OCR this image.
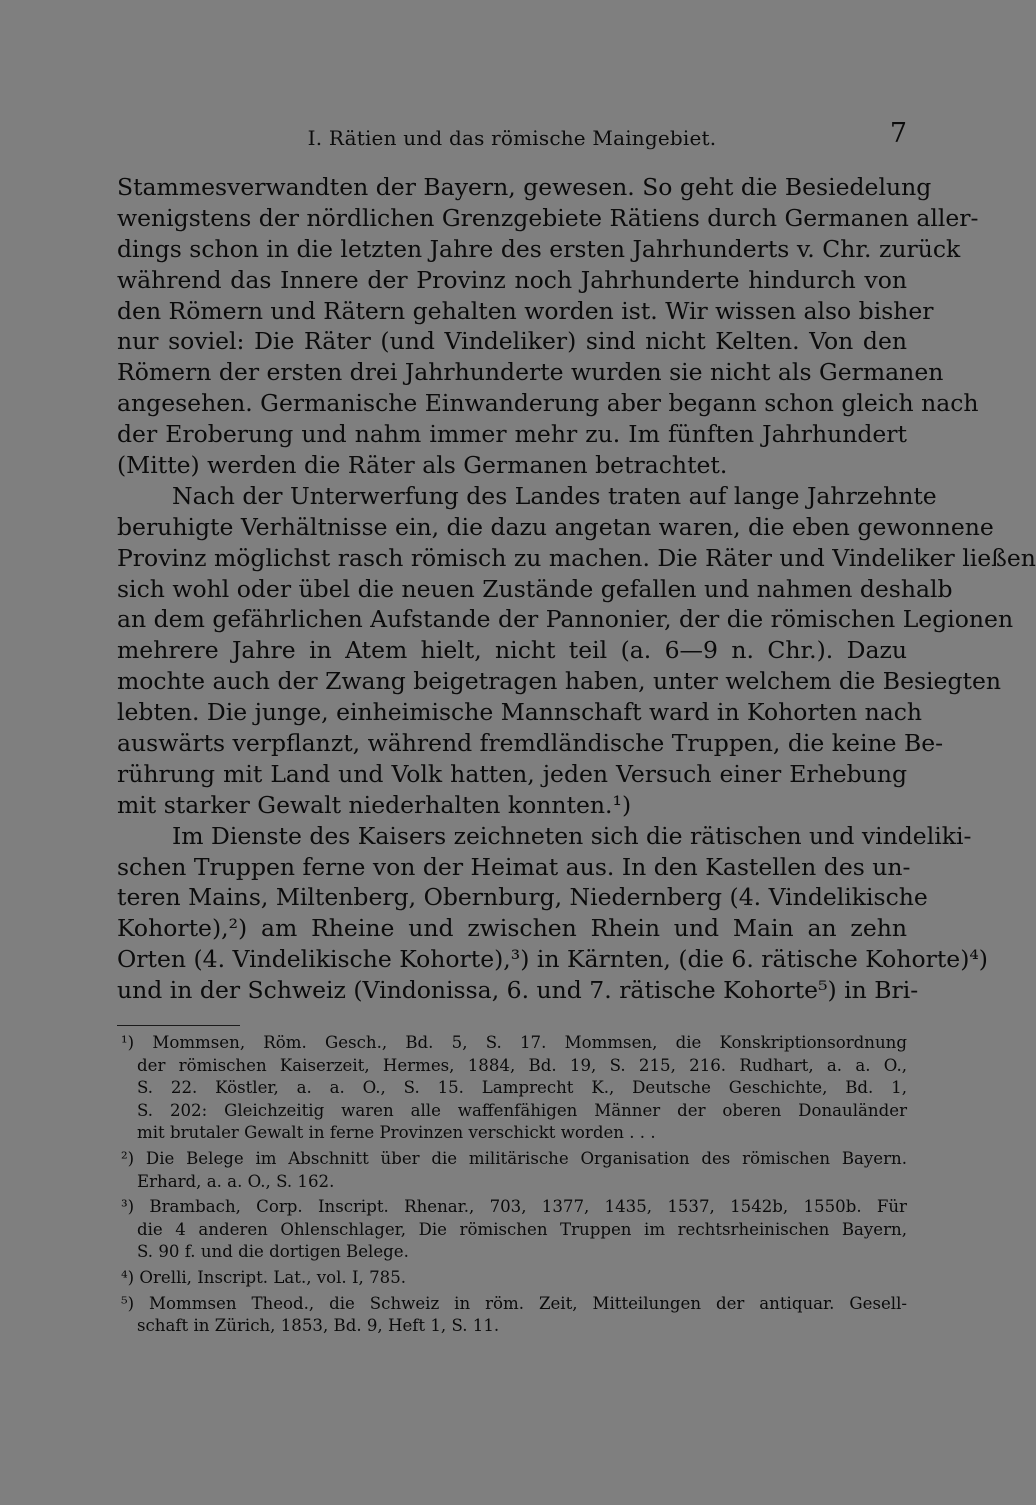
I. Rätien und das römische Maingebiet.	7
Stammesverwandten der Bayern, gewesen. So geht die Besiedelung
wenigstens der nördlichen Grenzgebiete Rätiens durch Germanen aller-
dings schon in die letzten Jahre des ersten Jahrhunderts v. Chr. zurück
während das Innere der Provinz noch Jahrhunderte hindurch von
den Römern und Rätern gehalten worden ist. Wir wissen also bisher
nur soviel: Die Räter (und Vindeliker) sind nicht Kelten. Von den
Römern der ersten drei Jahrhunderte wurden sie nicht als Germanen
angesehen. Germanische Einwanderung aber begann schon gleich nach
der Eroberung und nahm immer mehr zu. Im fünften Jahrhundert
(Mitte) werden die Räter als Germanen betrachtet.
Nach der Unterwerfung des Landes traten auf lange Jahrzehnte
beruhigte Verhältnisse ein, die dazu angetan waren, die eben gewonnene
Provinz möglichst rasch römisch zu machen. Die Räter und Vindeliker ließen
sich wohl oder übel die neuen Zustände gefallen und nahmen deshalb
an dem gefährlichen Aufstande der Pannonier, der die römischen Legionen
mehrere Jahre in Atem hielt, nicht teil (a. 6—9 n. Chr.). Dazu
mochte auch der Zwang beigetragen haben, unter welchem die Besiegten
lebten. Die junge, einheimische Mannschaft ward in Kohorten nach
auswärts verpflanzt, während fremdländische Truppen, die keine Be-
rührung mit Land und Volk hatten, jeden Versuch einer Erhebung
mit starker Gewalt niederhalten konnten.¹)
Im Dienste des Kaisers zeichneten sich die rätischen und vindeliki-
schen Truppen ferne von der Heimat aus. In den Kastellen des un-
teren Mains, Miltenberg, Obernburg, Niedernberg (4. Vindelikische
Kohorte),²) am Rheine und zwischen Rhein und Main an zehn
Orten (4. Vindelikische Kohorte),³) in Kärnten, (die 6. rätische Kohorte)⁴)
und in der Schweiz (Vindonissa, 6. und 7. rätische Kohorte⁵) in Bri-
¹) Mommsen, Röm. Gesch., Bd. 5, S. 17. Mommsen, die Konskriptionsordnung
der römischen Kaiserzeit, Hermes, 1884, Bd. 19, S. 215, 216. Rudhart, a. a. O.,
S. 22. Köstler, a. a. O., S. 15. Lamprecht K., Deutsche Geschichte, Bd. 1,
S. 202: Gleichzeitig waren alle waffenfähigen Männer der oberen Donauländer
mit brutaler Gewalt in ferne Provinzen verschickt worden . . .
²) Die Belege im Abschnitt über die militärische Organisation des römischen Bayern.
Erhard, a. a. O., S. 162.
³) Brambach, Corp. Inscript. Rhenar., 703, 1377, 1435, 1537, 1542b, 1550b. Für
die 4 anderen Ohlenschlager, Die römischen Truppen im rechtsrheinischen Bayern,
S. 90 f. und die dortigen Belege.
⁴) Orelli, Inscript. Lat., vol. I, 785.
⁵) Mommsen Theod., die Schweiz in röm. Zeit, Mitteilungen der antiquar. Gesell-
schaft in Zürich, 1853, Bd. 9, Heft 1, S. 11.
